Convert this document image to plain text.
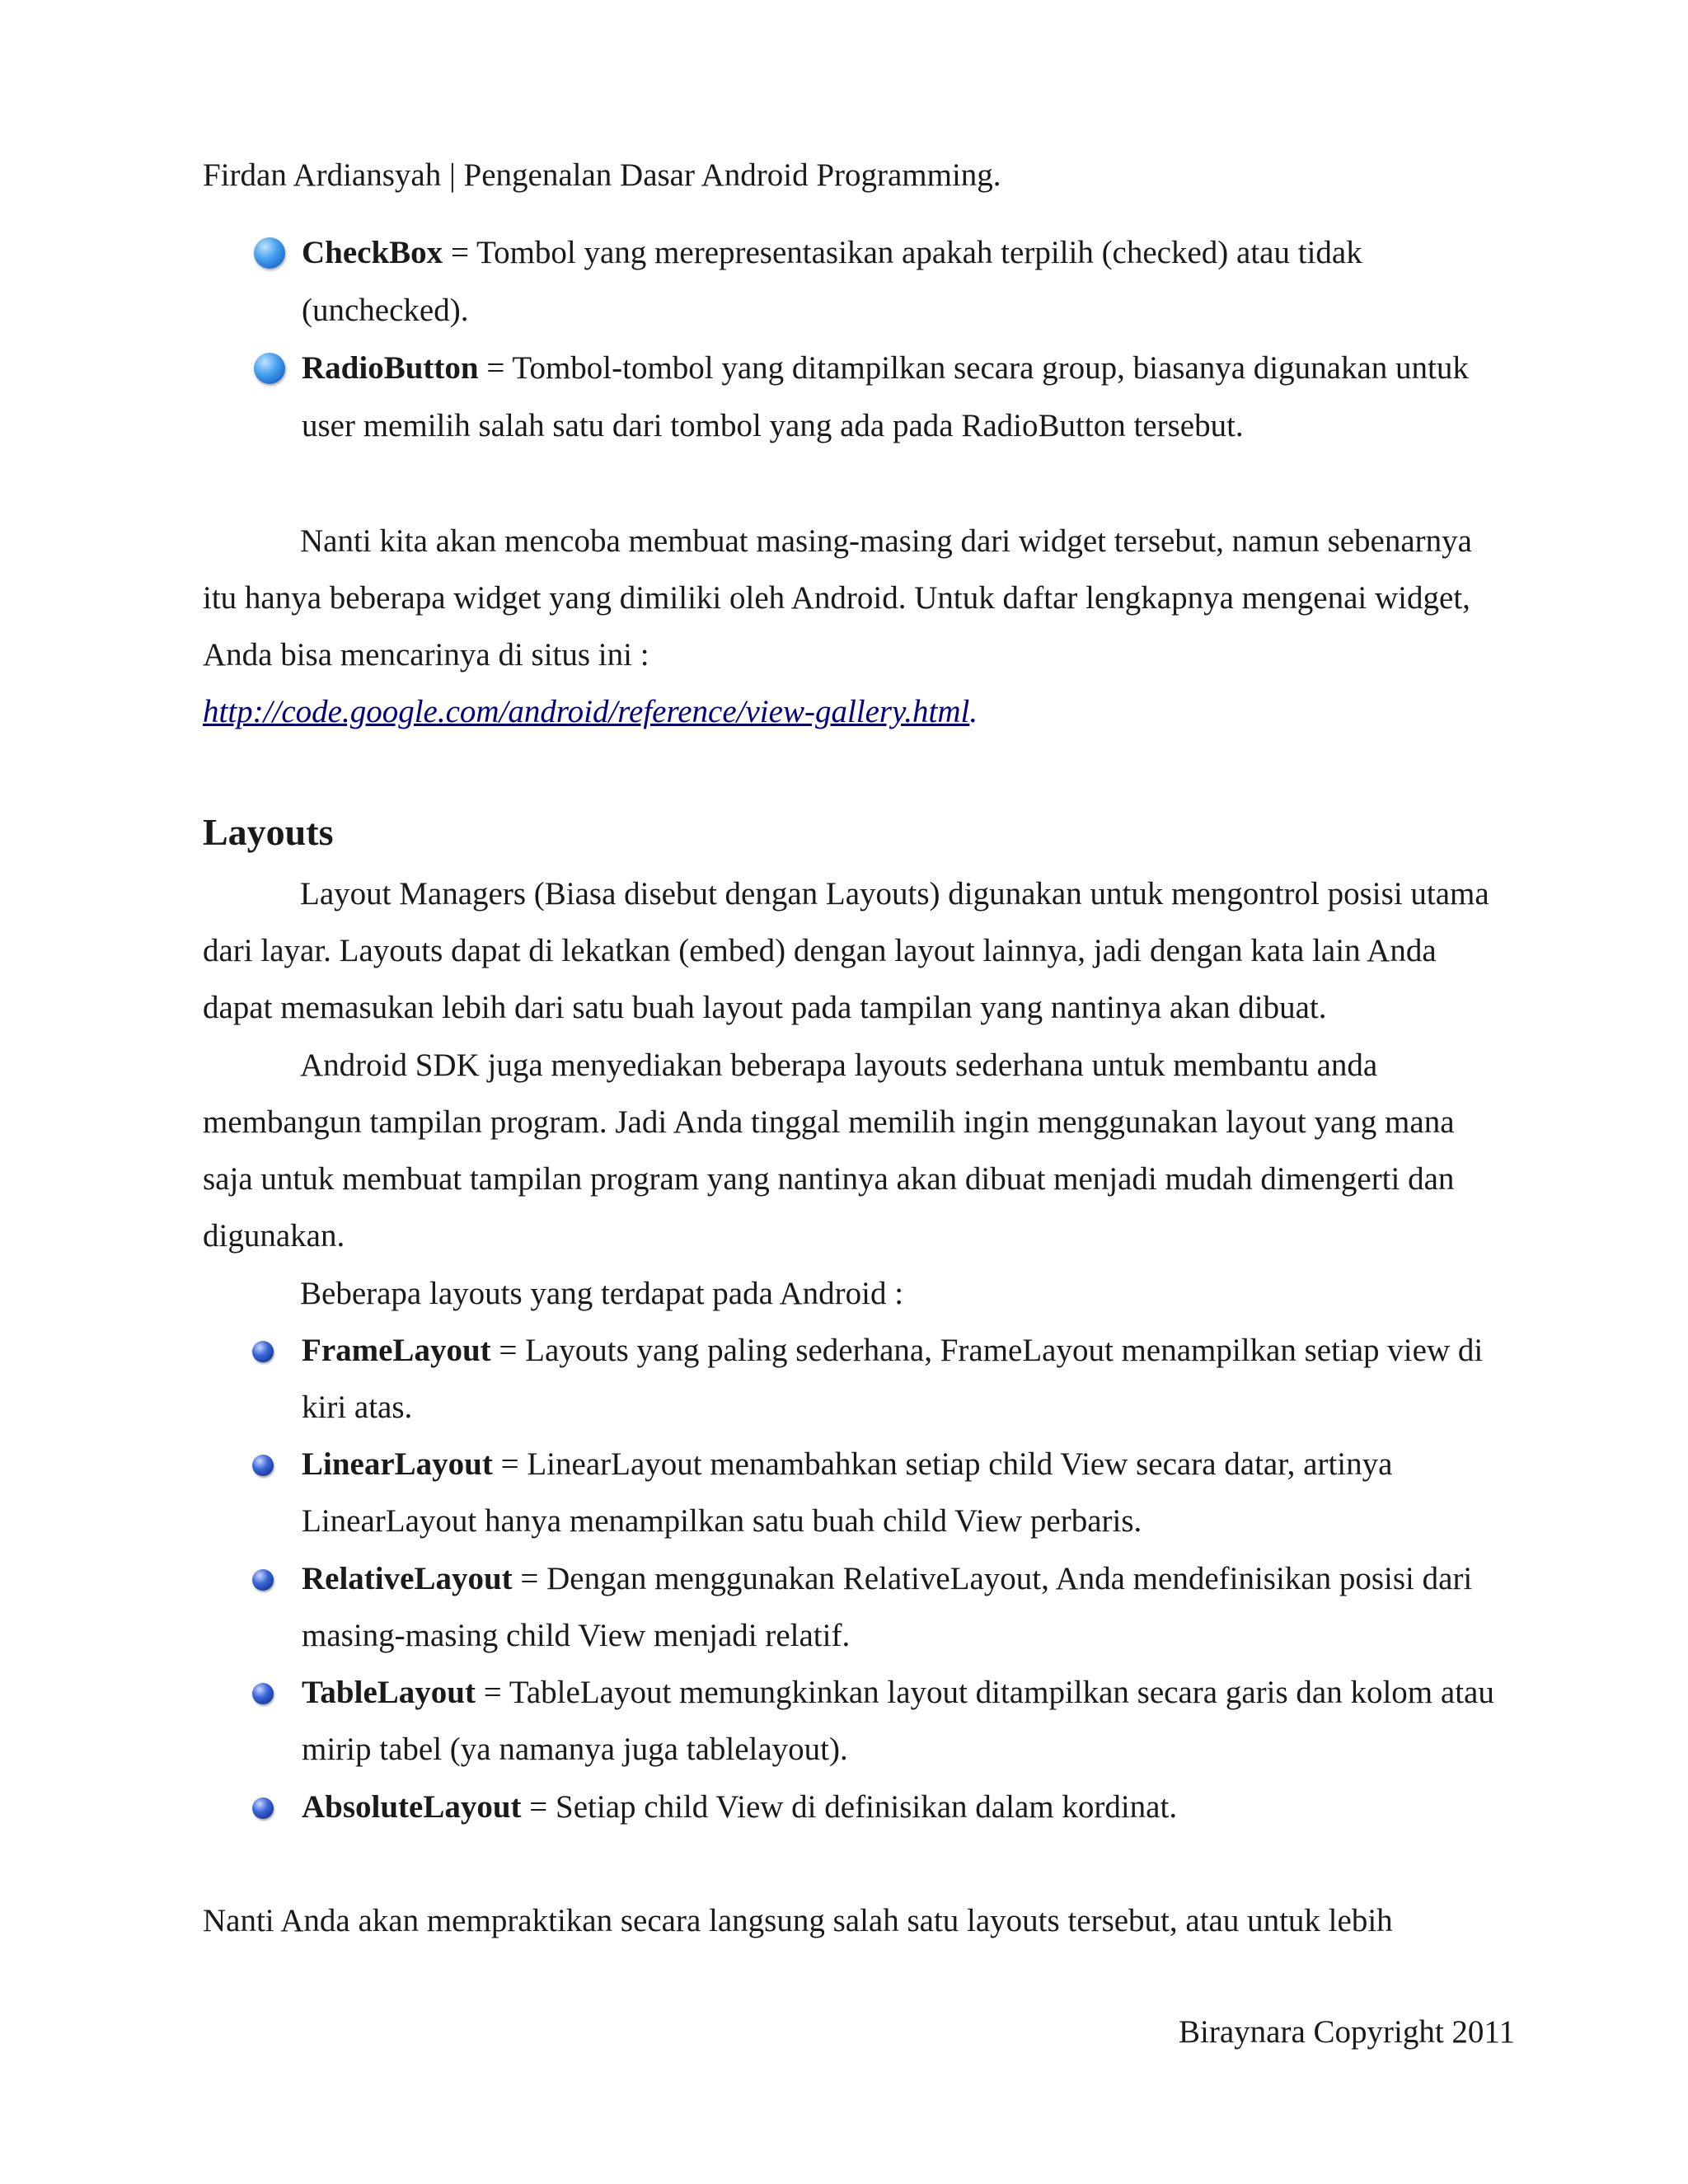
Firdan Ardiansyah | Pengenalan Dasar Android Programming.
CheckBox = Tombol yang merepresentasikan apakah terpilih (checked) atau tidak
(unchecked).
RadioButton = Tombol-tombol yang ditampilkan secara group, biasanya digunakan untuk
user memilih salah satu dari tombol yang ada pada RadioButton tersebut.
Nanti kita akan mencoba membuat masing-masing dari widget tersebut, namun sebenarnya
itu hanya beberapa widget yang dimiliki oleh Android. Untuk daftar lengkapnya mengenai widget,
Anda bisa mencarinya di situs ini :
http://code.google.com/android/reference/view-gallery.html.
Layouts
Layout Managers (Biasa disebut dengan Layouts) digunakan untuk mengontrol posisi utama
dari layar. Layouts dapat di lekatkan (embed) dengan layout lainnya, jadi dengan kata lain Anda
dapat memasukan lebih dari satu buah layout pada tampilan yang nantinya akan dibuat.
Android SDK juga menyediakan beberapa layouts sederhana untuk membantu anda
membangun tampilan program. Jadi Anda tinggal memilih ingin menggunakan layout yang mana
saja untuk membuat tampilan program yang nantinya akan dibuat menjadi mudah dimengerti dan
digunakan.
Beberapa layouts yang terdapat pada Android :
FrameLayout = Layouts yang paling sederhana, FrameLayout menampilkan setiap view di
kiri atas.
LinearLayout = LinearLayout menambahkan setiap child View secara datar, artinya
LinearLayout hanya menampilkan satu buah child View perbaris.
RelativeLayout = Dengan menggunakan RelativeLayout, Anda mendefinisikan posisi dari
masing-masing child View menjadi relatif.
TableLayout = TableLayout memungkinkan layout ditampilkan secara garis dan kolom atau
mirip tabel (ya namanya juga tablelayout).
AbsoluteLayout = Setiap child View di definisikan dalam kordinat.
Nanti Anda akan mempraktikan secara langsung salah satu layouts tersebut, atau untuk lebih
Biraynara Copyright 2011
